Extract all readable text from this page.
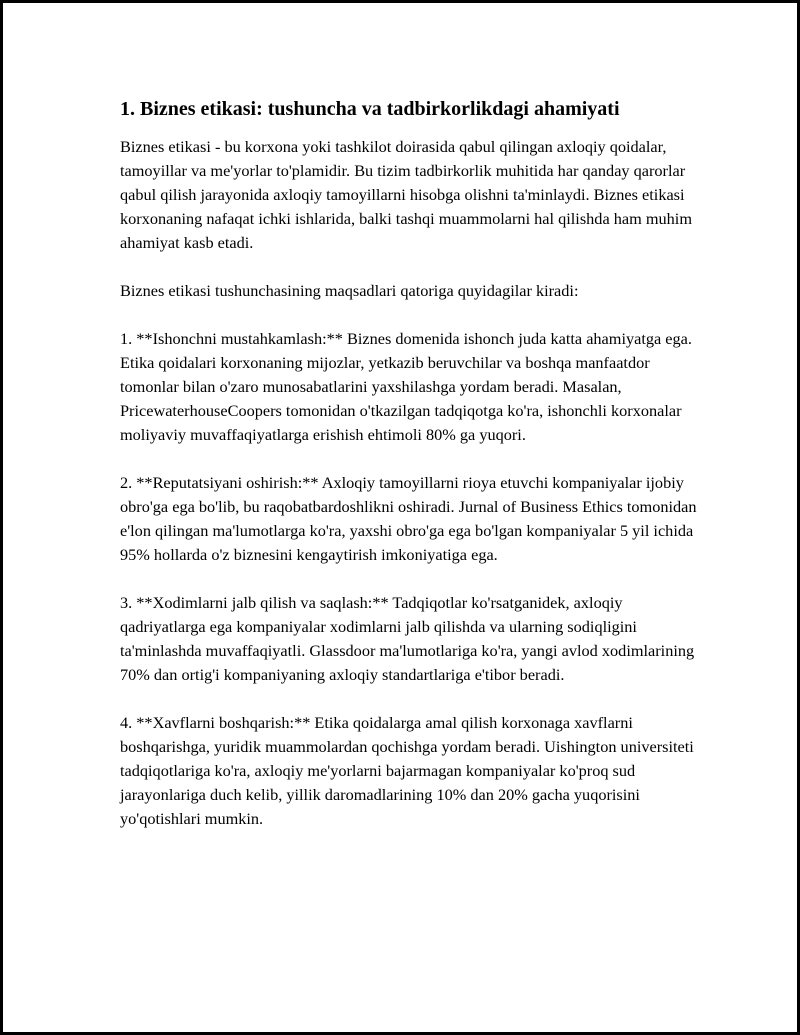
1. Biznes etikasi: tushuncha va tadbirkorlikdagi ahamiyati

Biznes etikasi - bu korxona yoki tashkilot doirasida qabul qilingan axloqiy qoidalar, tamoyillar va me'yorlar to'plamidir. Bu tizim tadbirkorlik muhitida har qanday qarorlar qabul qilish jarayonida axloqiy tamoyillarni hisobga olishni ta'minlaydi. Biznes etikasi korxonaning nafaqat ichki ishlarida, balki tashqi muammolarni hal qilishda ham muhim ahamiyat kasb etadi.

Biznes etikasi tushunchasining maqsadlari qatoriga quyidagilar kiradi:

1. **Ishonchni mustahkamlash:** Biznes domenida ishonch juda katta ahamiyatga ega. Etika qoidalari korxonaning mijozlar, yetkazib beruvchilar va boshqa manfaatdor tomonlar bilan o'zaro munosabatlarini yaxshilashga yordam beradi. Masalan, PricewaterhouseCoopers tomonidan o'tkazilgan tadqiqotga ko'ra, ishonchli korxonalar moliyaviy muvaffaqiyatlarga erishish ehtimoli 80% ga yuqori.

2. **Reputatsiyani oshirish:** Axloqiy tamoyillarni rioya etuvchi kompaniyalar ijobiy obro'ga ega bo'lib, bu raqobatbardoshlikni oshiradi. Jurnal of Business Ethics tomonidan e'lon qilingan ma'lumotlarga ko'ra, yaxshi obro'ga ega bo'lgan kompaniyalar 5 yil ichida 95% hollarda o'z biznesini kengaytirish imkoniyatiga ega.

3. **Xodimlarni jalb qilish va saqlash:** Tadqiqotlar ko'rsatganidek, axloqiy qadriyatlarga ega kompaniyalar xodimlarni jalb qilishda va ularning sodiqligini ta'minlashda muvaffaqiyatli. Glassdoor ma'lumotlariga ko'ra, yangi avlod xodimlarining 70% dan ortig'i kompaniyaning axloqiy standartlariga e'tibor beradi.

4. **Xavflarni boshqarish:** Etika qoidalarga amal qilish korxonaga xavflarni boshqarishga, yuridik muammolardan qochishga yordam beradi. Uishington universiteti tadqiqotlariga ko'ra, axloqiy me'yorlarni bajarmagan kompaniyalar ko'proq sud jarayonlariga duch kelib, yillik daromadlarining 10% dan 20% gacha yuqorisini yo'qotishlari mumkin.
